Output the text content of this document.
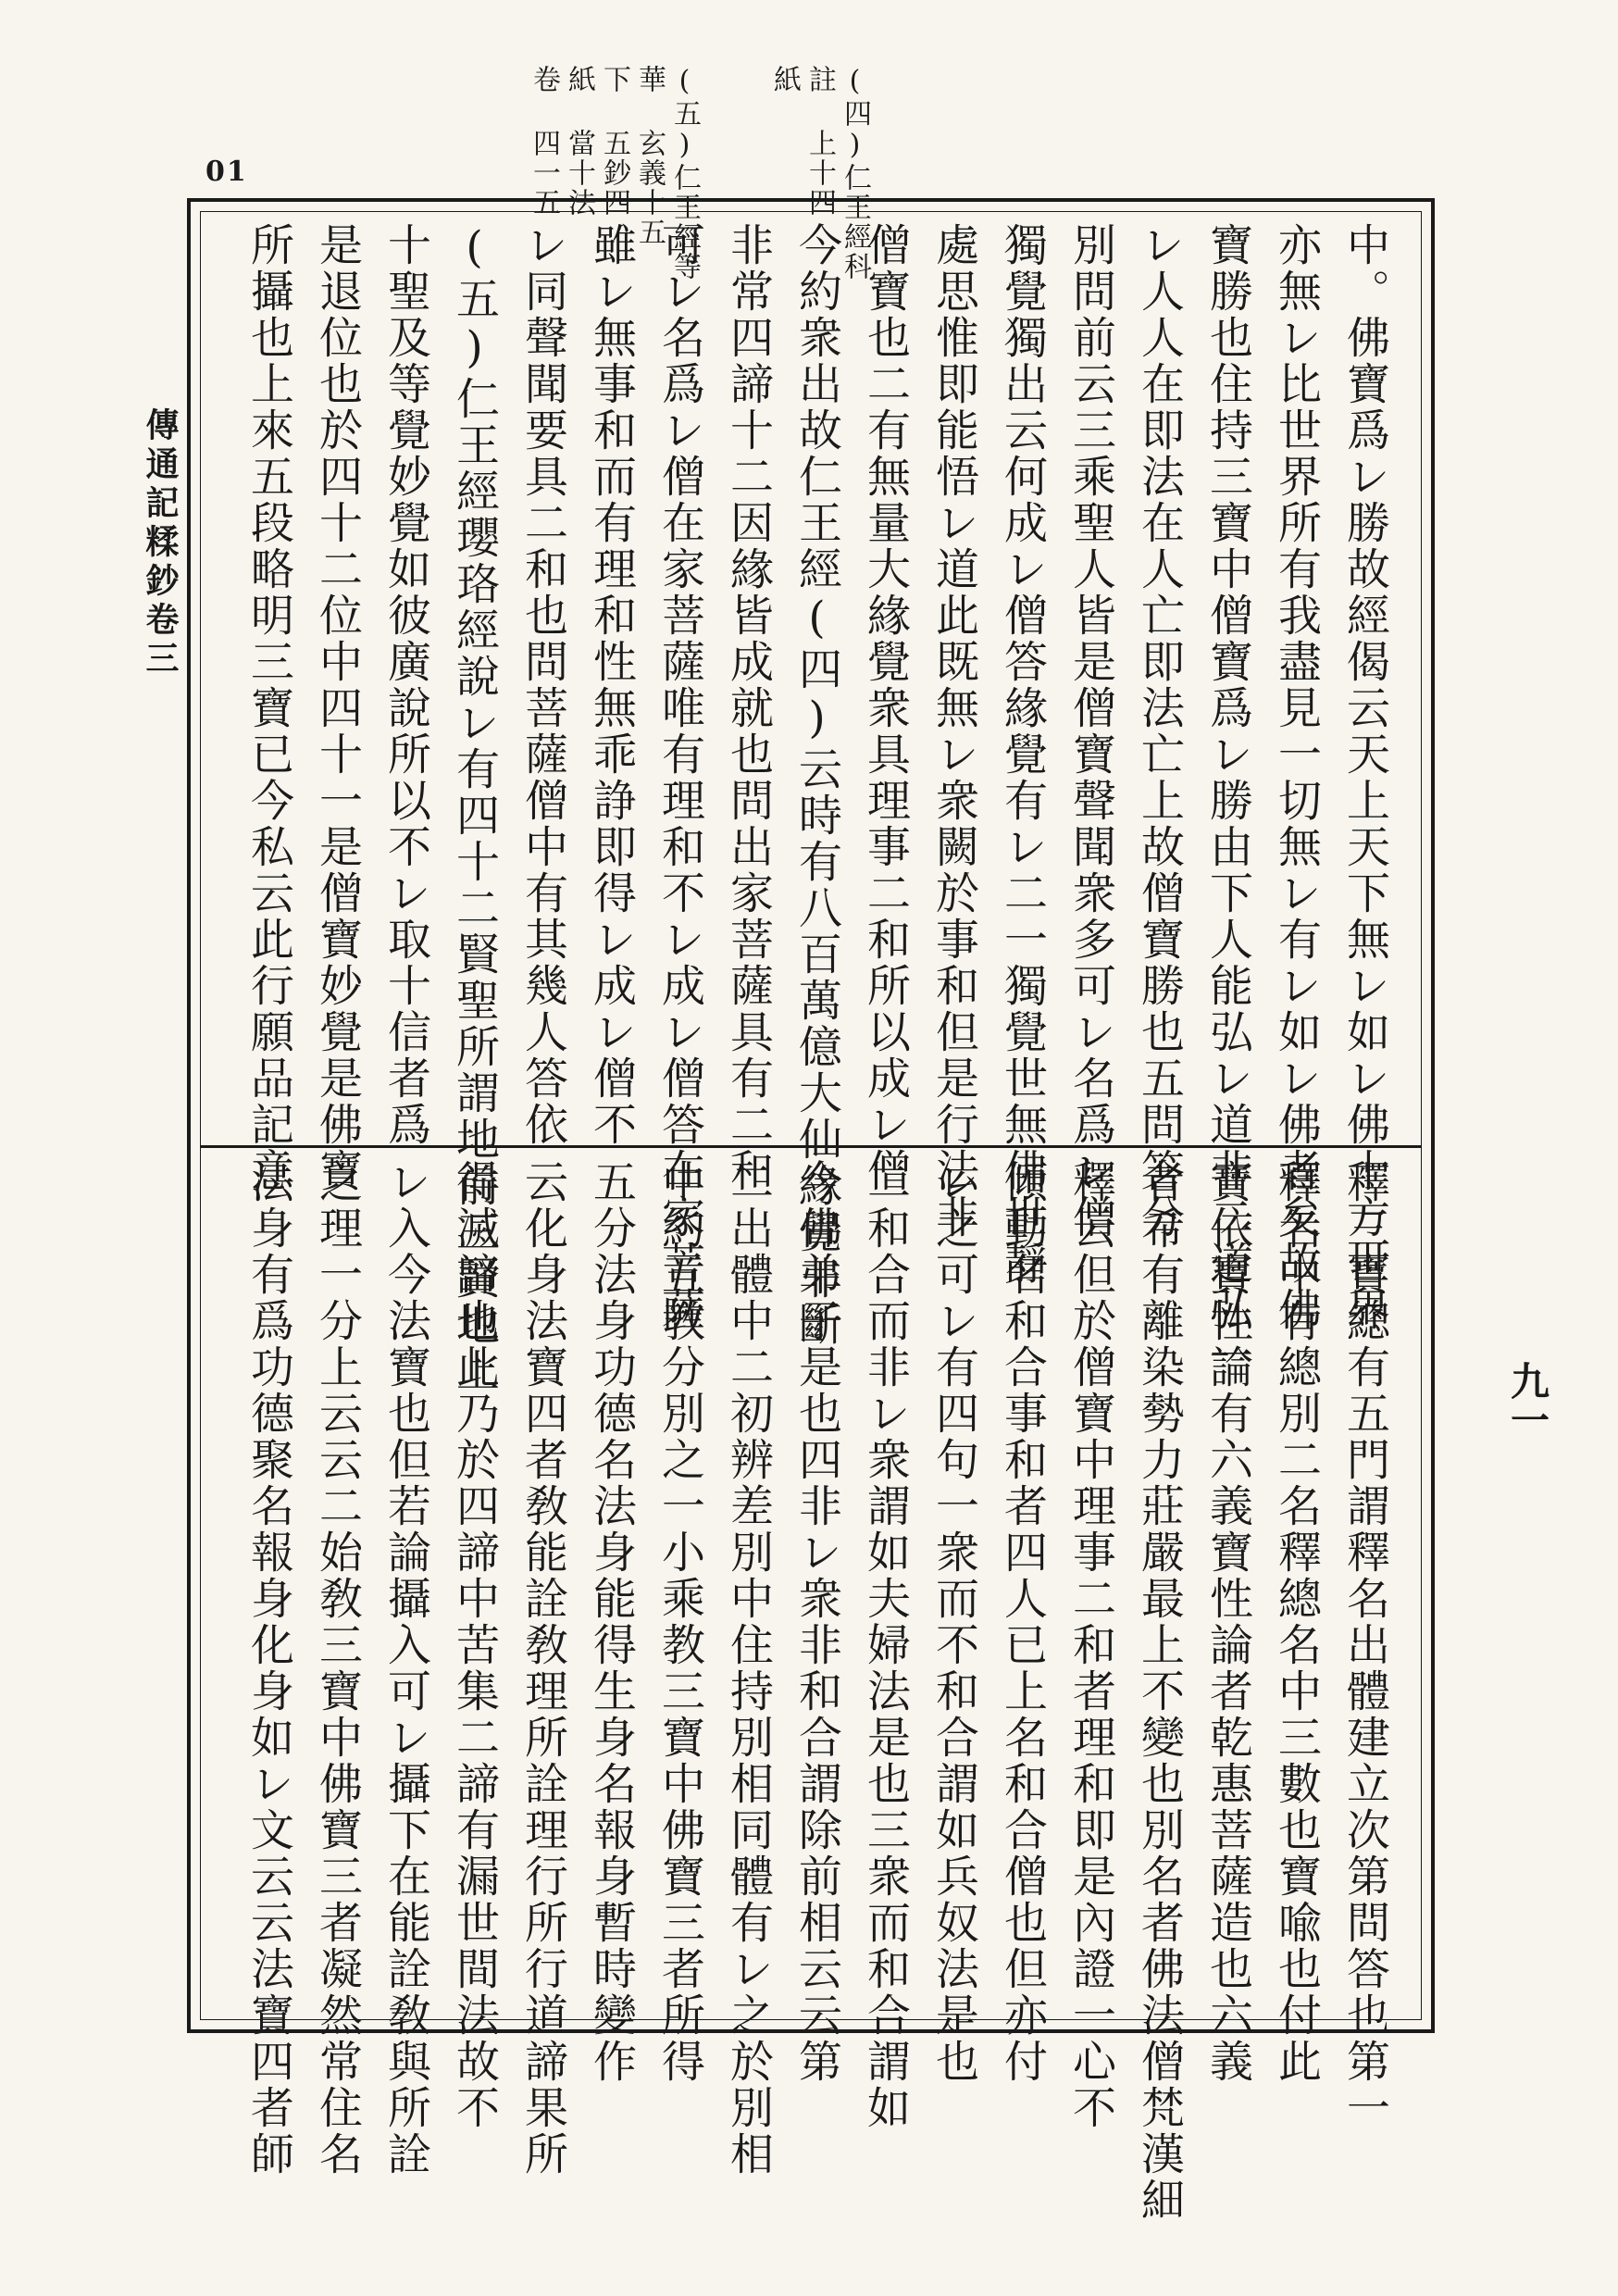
(四)仁王經科
註 上十四
紙
(五)仁王經等
華 玄義十五
下 五鈔四
紙 當十法
卷 四一五
01
中。佛寶爲レ勝故經偈云天上天下無レ如レ佛十方世界
亦無レ比世界所有我盡見一切無レ有レ如レ佛者矣故佛
寶勝也住持三寶中僧寶爲レ勝由下人能弘レ道非二道弘一
レ人人在即法在人亡即法亡上故僧寶勝也五問答分
別問前云三乘聖人皆是僧寶聲聞衆多可レ名爲レ僧
獨覺獨出云何成レ僧答緣覺有レ二一獨覺世無佛世靜
處思惟即能悟レ道此既無レ衆闕於事和但是行法非
僧寶也二有無量大緣覺衆具理事二和所以成レ僧
今約衆出故仁王經(四)云時有八百萬億大仙緣覺非斷
非常四諦十二因緣皆成就也問出家菩薩具有二和
可レ名爲レ僧在家菩薩唯有理和不レ成レ僧答在家菩薩
雖レ無事和而有理和性無乖諍即得レ成レ僧不
レ同聲聞要具二和也問菩薩僧中有其幾人答依
(五)仁王經瓔珞經說レ有四十二賢聖所謂地前三賢地上
十聖及等覺妙覺如彼廣說所以不レ取十信者爲
是退位也於四十二位中四十一是僧寶妙覺是佛寶
所攝也上來五段略明三寶已今私云此行願品記意
釋三寶總有五門謂釋名出體建立次第問答也第一
釋名中有總別二名釋總名中三數也寶喩也付此
寶依寶性論有六義寶性論者乾惠菩薩造也六義
者希有離染勢力莊嚴最上不變也別名者佛法僧梵漢細
釋云但於僧寶中理事二和者理和即是內證一心不
傾動名和合事和者四人已上名和合僧也但亦付
レ之可レ有四句一衆而不和合謂如兵奴法是也
二和合而非レ衆謂如夫婦法是也三衆而和合謂如
今佛弟子是也四非レ衆非和合謂除前相云云第
二出體中二初辨差別中住持別相同體有レ之於別相
中約五教分別之一小乘教三寶中佛寶三者所得
五分法身功德名法身能得生身名報身暫時變作
云化身法寶四者敎能詮敎理所詮理行所行道諦果所
得滅諦也此乃於四諦中苦集二諦有漏世間法故不
レ入今法寶也但若論攝入可レ攝下在能詮敎與所詮
之理一分上云云二始敎三寶中佛寶三者凝然常住名
法身有爲功德聚名報身化身如レ文云云法寶四者師
傳通記糅鈔卷三
九一
